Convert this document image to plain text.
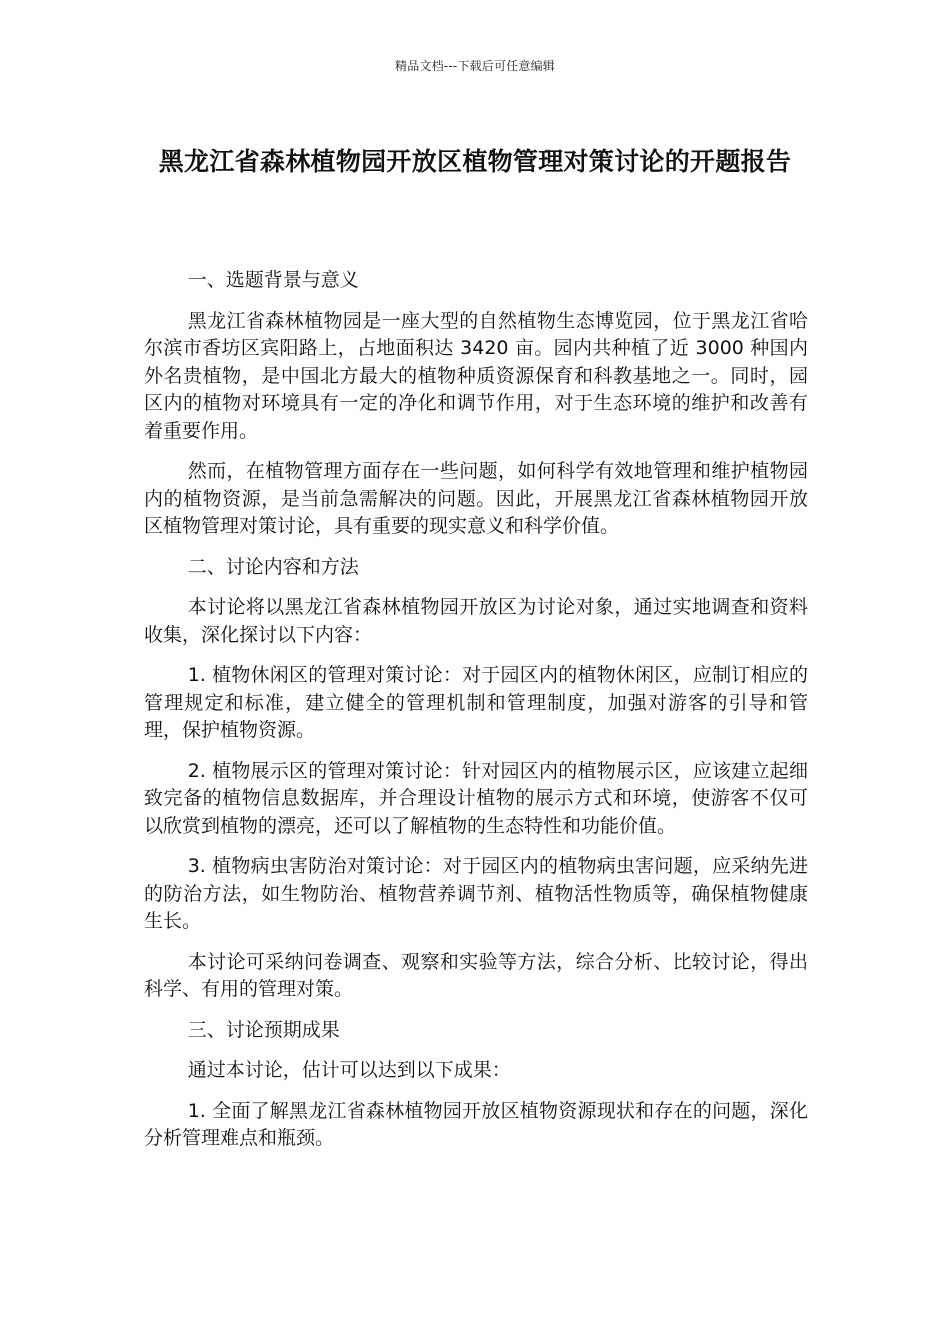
精品文档---下载后可任意编辑
黑龙江省森林植物园开放区植物管理对策讨论的开题报告

一、选题背景与意义

黑龙江省森林植物园是一座大型的自然植物生态博览园，位于黑龙江省哈尔滨市香坊区宾阳路上，占地面积达 3420 亩。园内共种植了近 3000 种国内外名贵植物，是中国北方最大的植物种质资源保育和科教基地之一。同时，园区内的植物对环境具有一定的净化和调节作用，对于生态环境的维护和改善有着重要作用。

然而，在植物管理方面存在一些问题，如何科学有效地管理和维护植物园内的植物资源，是当前急需解决的问题。因此，开展黑龙江省森林植物园开放区植物管理对策讨论，具有重要的现实意义和科学价值。

二、讨论内容和方法

本讨论将以黑龙江省森林植物园开放区为讨论对象，通过实地调查和资料收集，深化探讨以下内容：

1. 植物休闲区的管理对策讨论：对于园区内的植物休闲区，应制订相应的管理规定和标准，建立健全的管理机制和管理制度，加强对游客的引导和管理，保护植物资源。

2. 植物展示区的管理对策讨论：针对园区内的植物展示区，应该建立起细致完备的植物信息数据库，并合理设计植物的展示方式和环境，使游客不仅可以欣赏到植物的漂亮，还可以了解植物的生态特性和功能价值。

3. 植物病虫害防治对策讨论：对于园区内的植物病虫害问题，应采纳先进的防治方法，如生物防治、植物营养调节剂、植物活性物质等，确保植物健康生长。

本讨论可采纳问卷调查、观察和实验等方法，综合分析、比较讨论，得出科学、有用的管理对策。

三、讨论预期成果

通过本讨论，估计可以达到以下成果：

1. 全面了解黑龙江省森林植物园开放区植物资源现状和存在的问题，深化分析管理难点和瓶颈。
